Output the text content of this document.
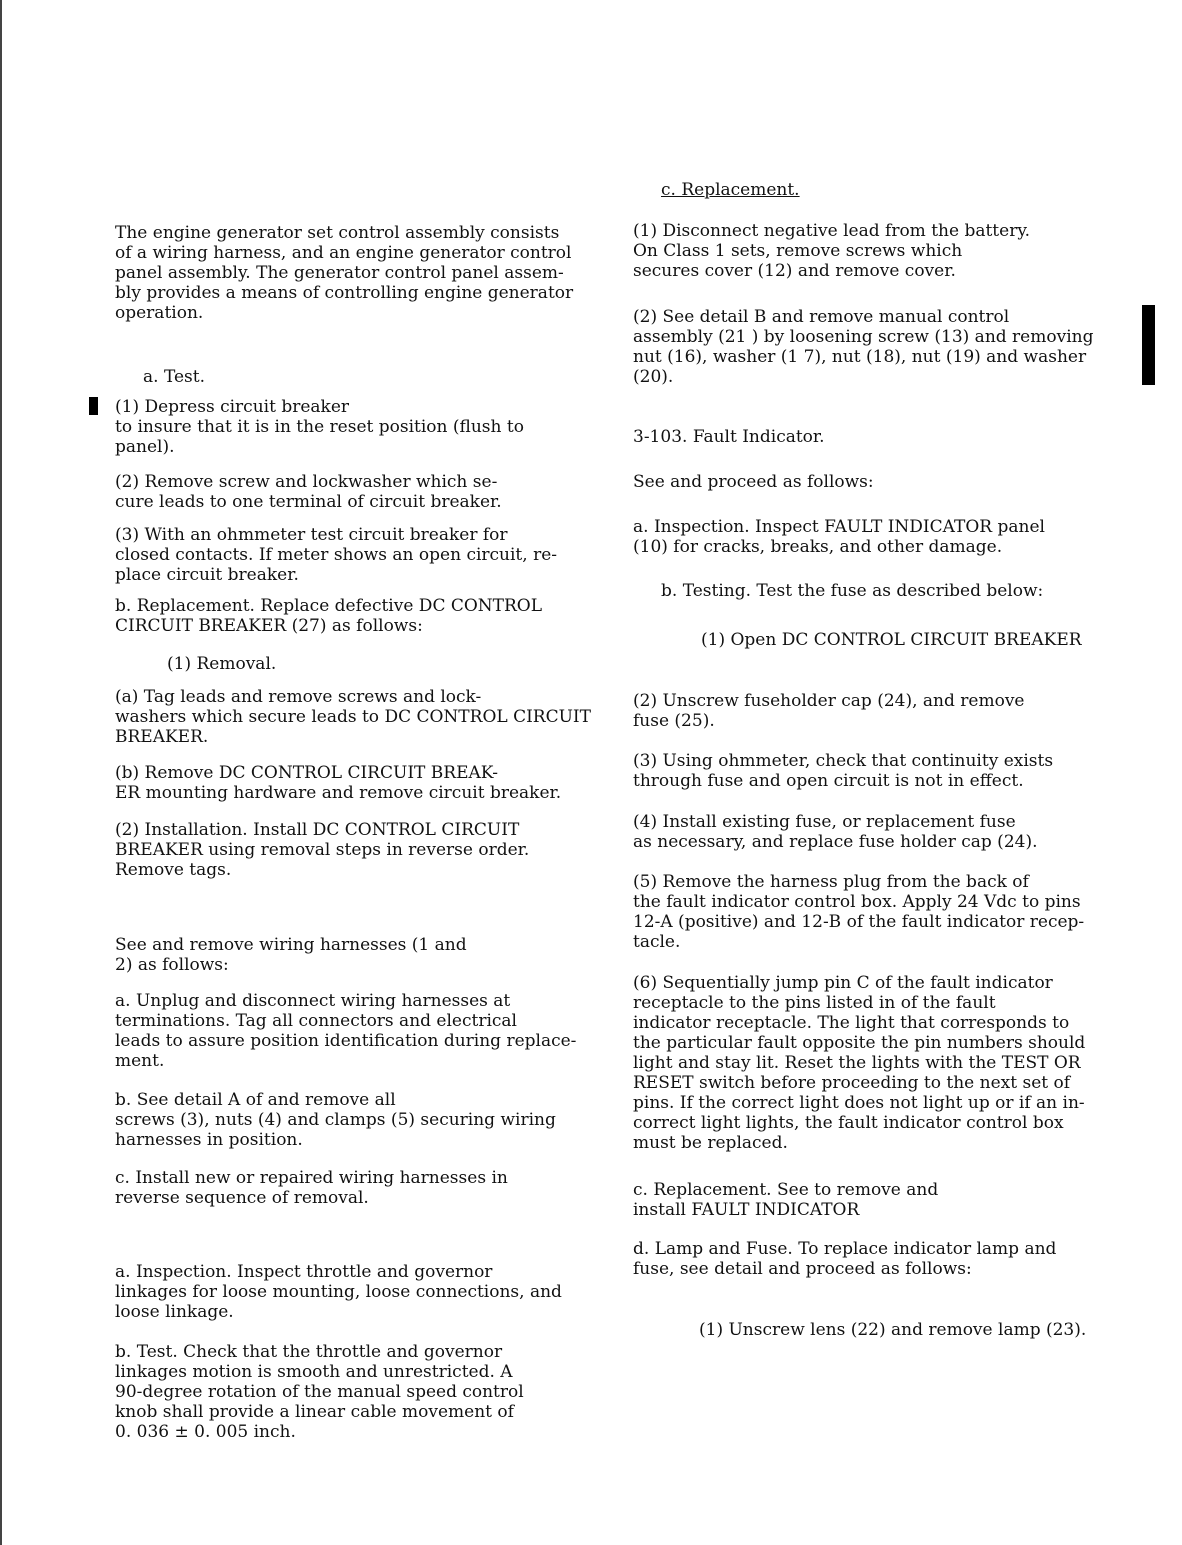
The engine generator set control assembly consists
of a wiring harness, and an engine generator control
panel assembly. The generator control panel assem-
bly provides a means of controlling engine generator
operation.

a. Test.

(1) Depress circuit breaker
to insure that it is in the reset position (flush to
panel).

(2) Remove screw and lockwasher which se-
cure leads to one terminal of circuit breaker.

(3) With an ohmmeter test circuit breaker for
closed contacts. If meter shows an open circuit, re-
place circuit breaker.

b. Replacement. Replace defective DC CONTROL
CIRCUIT BREAKER (27) as follows:

(1) Removal.

(a) Tag leads and remove screws and lock-
washers which secure leads to DC CONTROL CIRCUIT
BREAKER.

(b) Remove DC CONTROL CIRCUIT BREAK-
ER mounting hardware and remove circuit breaker.

(2) Installation. Install DC CONTROL CIRCUIT
BREAKER using removal steps in reverse order.
Remove tags.

See and remove wiring harnesses (1 and
2) as follows:

a. Unplug and disconnect wiring harnesses at
terminations. Tag all connectors and electrical
leads to assure position identification during replace-
ment.

b. See detail A of and remove all
screws (3), nuts (4) and clamps (5) securing wiring
harnesses in position.

c. Install new or repaired wiring harnesses in
reverse sequence of removal.

a. Inspection. Inspect throttle and governor
linkages for loose mounting, loose connections, and
loose linkage.

b. Test. Check that the throttle and governor
linkages motion is smooth and unrestricted. A
90-degree rotation of the manual speed control
knob shall provide a linear cable movement of
0. 036 ± 0. 005 inch.

c. Replacement.

(1) Disconnect negative lead from the battery.
On Class 1 sets, remove screws which
secures cover (12) and remove cover.

(2) See detail B and remove manual control
assembly (21 ) by loosening screw (13) and removing
nut (16), washer (1 7), nut (18), nut (19) and washer
(20).

3-103. Fault Indicator.

See and proceed as follows:

a. Inspection. Inspect FAULT INDICATOR panel
(10) for cracks, breaks, and other damage.

b. Testing. Test the fuse as described below:

(1) Open DC CONTROL CIRCUIT BREAKER

(2) Unscrew fuseholder cap (24), and remove
fuse (25).

(3) Using ohmmeter, check that continuity exists
through fuse and open circuit is not in effect.

(4) Install existing fuse, or replacement fuse
as necessary, and replace fuse holder cap (24).

(5) Remove the harness plug from the back of
the fault indicator control box. Apply 24 Vdc to pins
12-A (positive) and 12-B of the fault indicator recep-
tacle.

(6) Sequentially jump pin C of the fault indicator
receptacle to the pins listed in of the fault
indicator receptacle. The light that corresponds to
the particular fault opposite the pin numbers should
light and stay lit. Reset the lights with the TEST OR
RESET switch before proceeding to the next set of
pins. If the correct light does not light up or if an in-
correct light lights, the fault indicator control box
must be replaced.

c. Replacement. See to remove and
install FAULT INDICATOR

d. Lamp and Fuse. To replace indicator lamp and
fuse, see detail and proceed as follows:

(1) Unscrew lens (22) and remove lamp (23).
